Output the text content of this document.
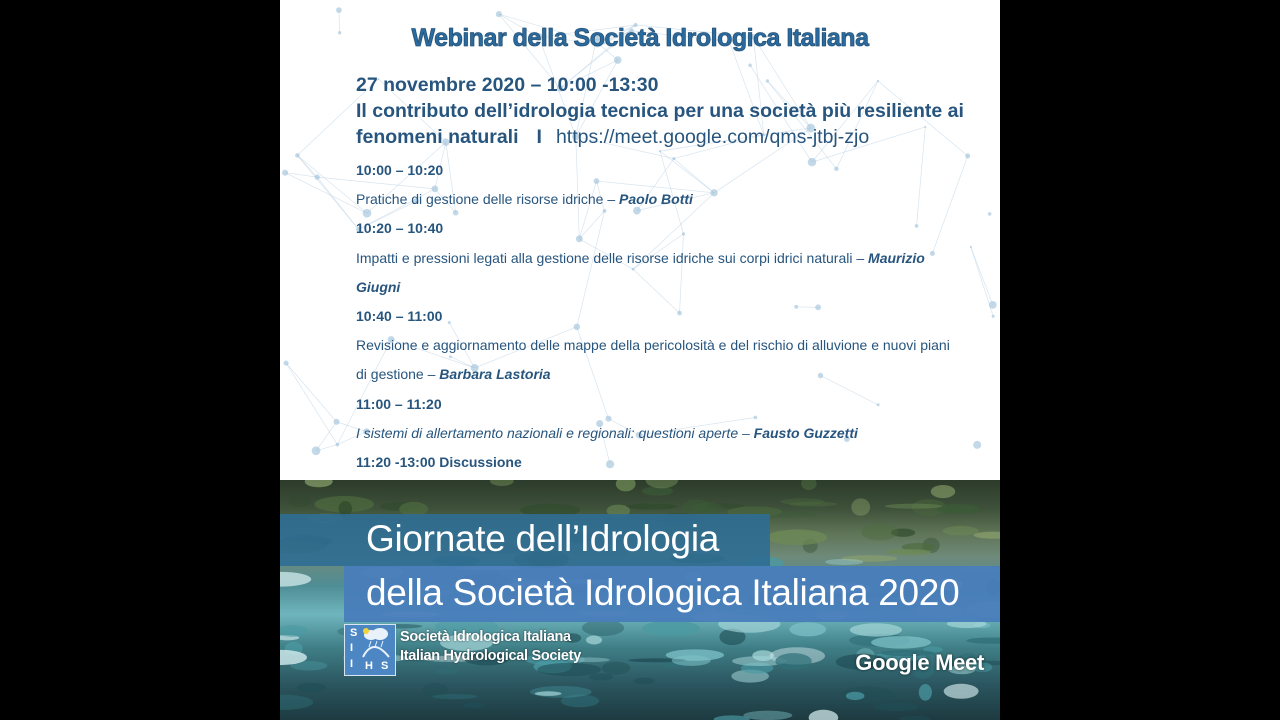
Webinar della Società Idrologica Italiana
27 novembre 2020 – 10:00 -13:30
Il contributo dell’idrologia tecnica per una società più resiliente ai
fenomeni naturali I https://meet.google.com/qms-jtbj-zjo
10:00 – 10:20
Pratiche di gestione delle risorse idriche – Paolo Botti
10:20 – 10:40
Impatti e pressioni legati alla gestione delle risorse idriche sui corpi idrici naturali – Maurizio
Giugni
10:40 – 11:00
Revisione e aggiornamento delle mappe della pericolosità e del rischio di alluvione e nuovi piani
di gestione – Barbara Lastoria
11:00 – 11:20
I sistemi di allertamento nazionali e regionali: questioni aperte – Fausto Guzzetti
11:20 -13:00 Discussione
Giornate dell’Idrologia
della Società Idrologica Italiana 2020
S
I
I H S
Società Idrologica Italiana
Italian Hydrological Society	Google Meet
